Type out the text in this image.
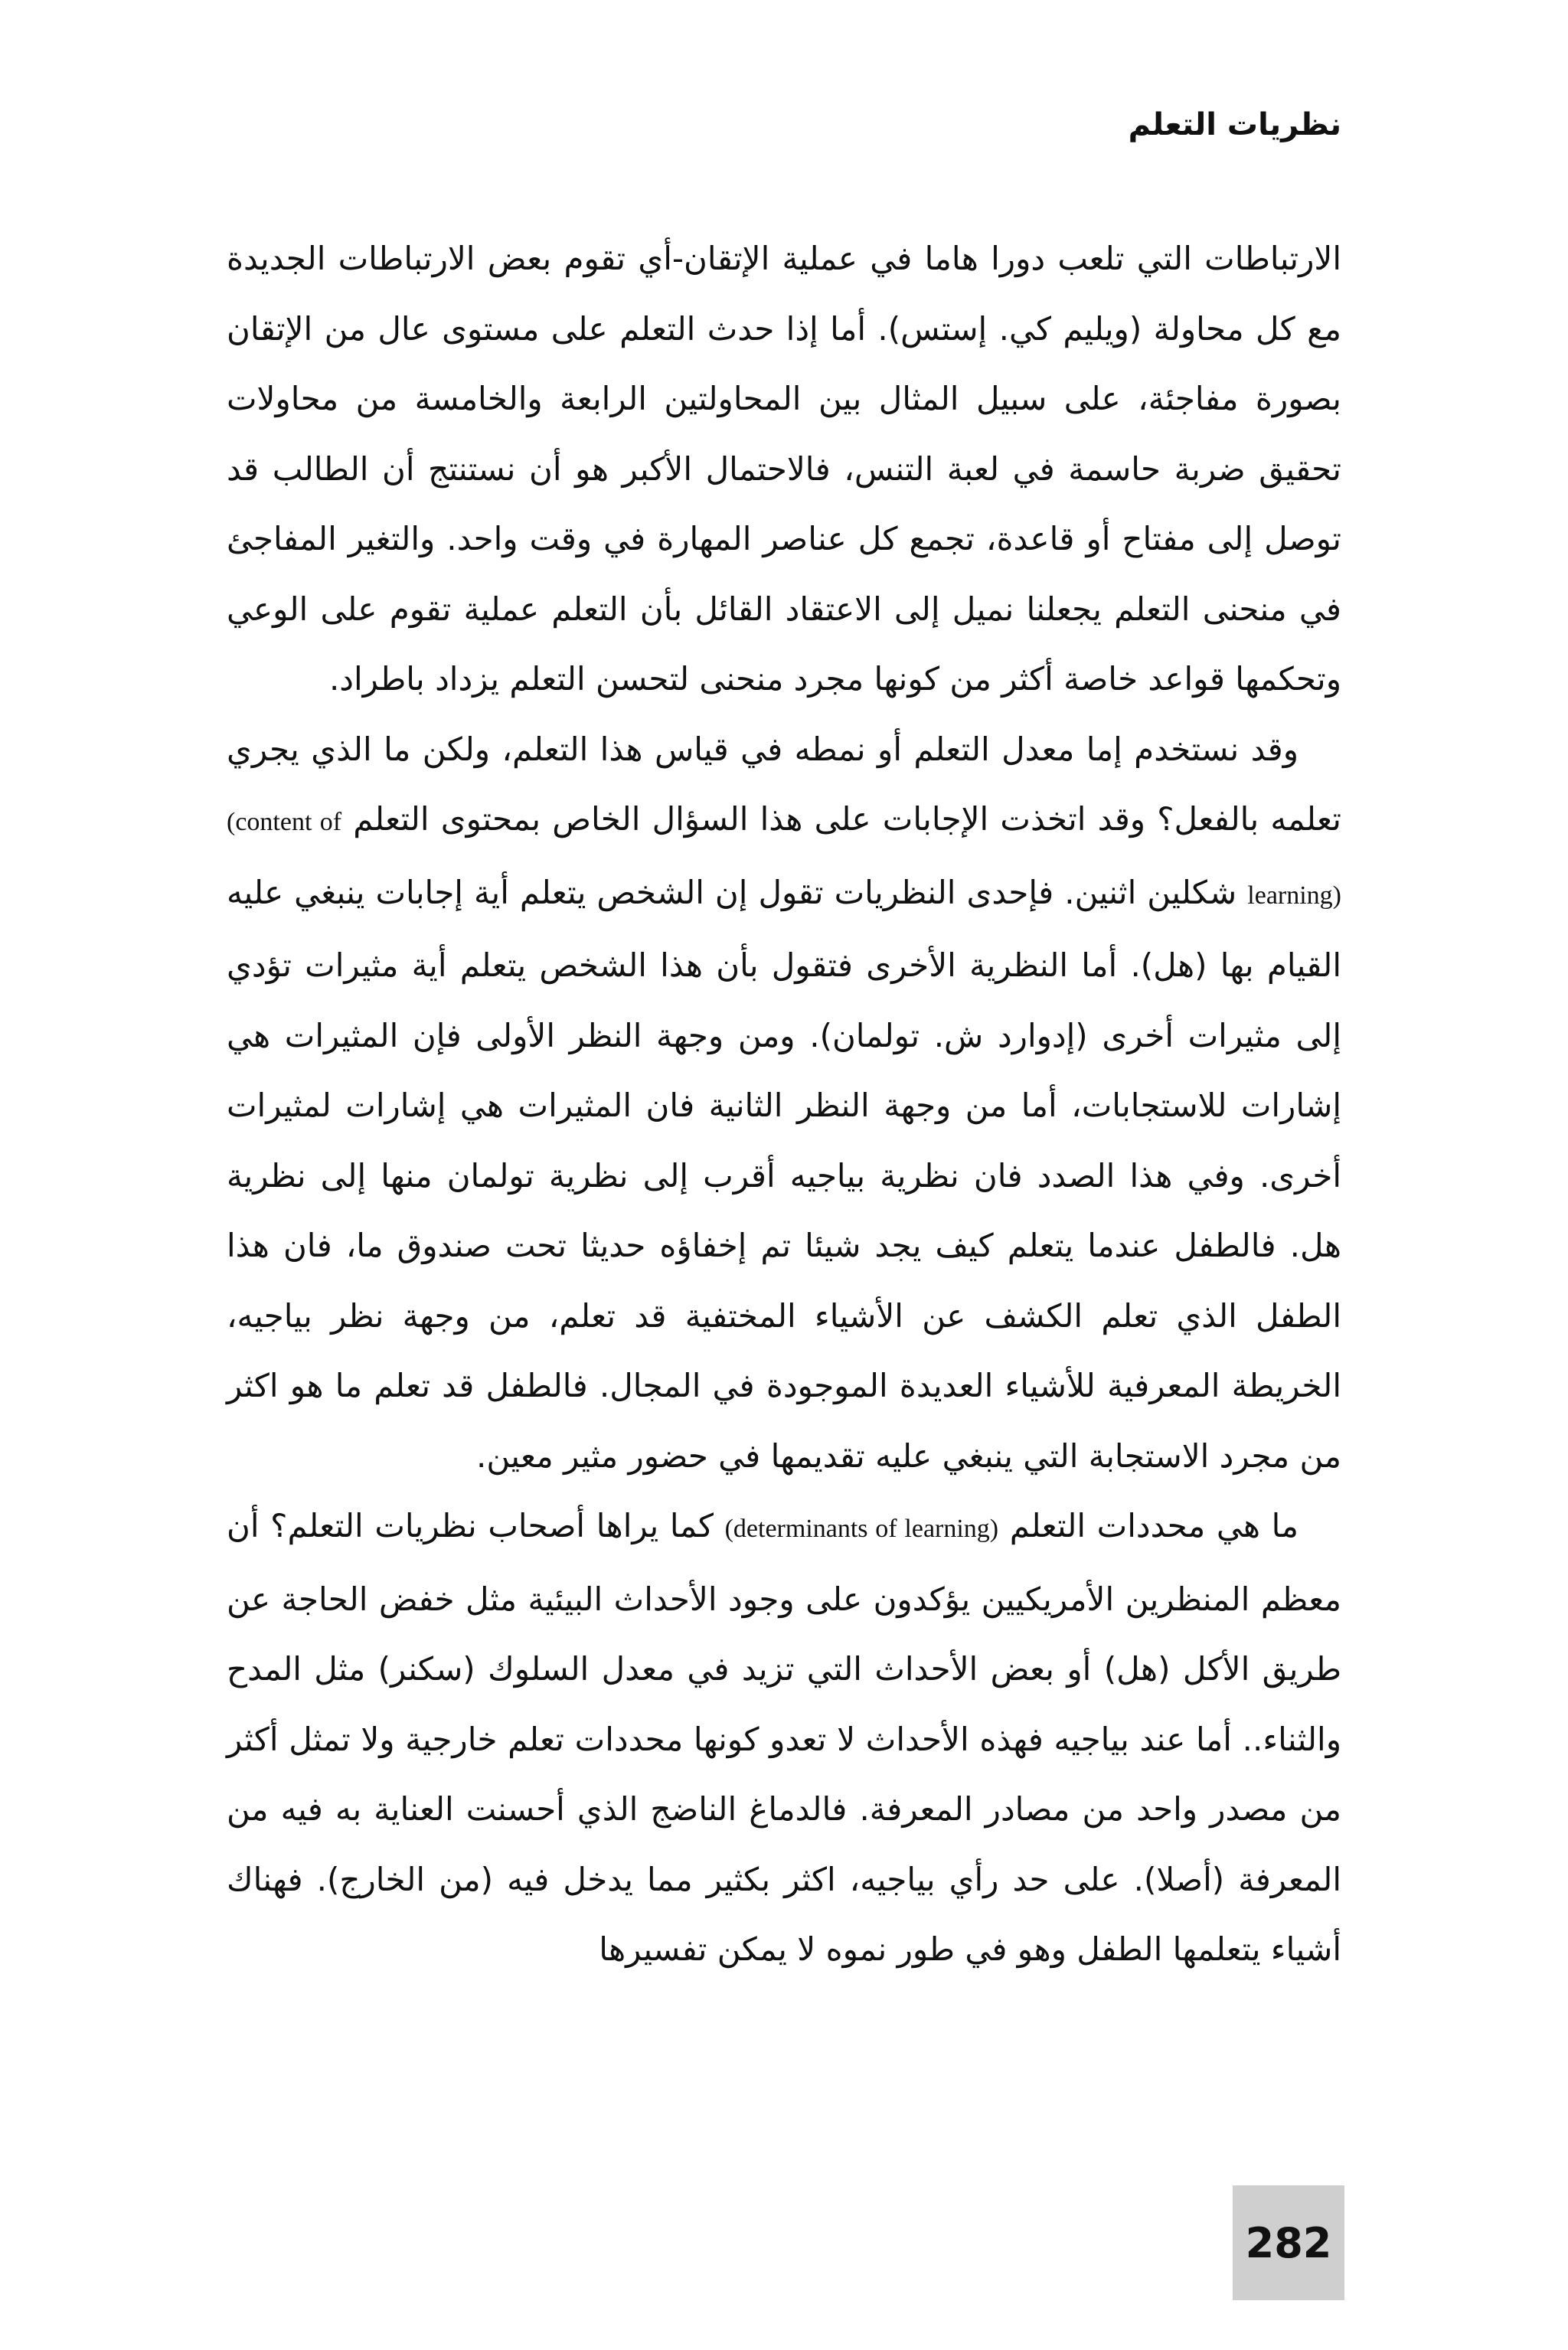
نظريات التعلم

الارتباطات التي تلعب دورا هاما في عملية الإتقان-أي تقوم بعض الارتباطات الجديدة مع كل محاولة (ويليم كي. إستس). أما إذا حدث التعلم على مستوى عال من الإتقان بصورة مفاجئة، على سبيل المثال بين المحاولتين الرابعة والخامسة من محاولات تحقيق ضربة حاسمة في لعبة التنس، فالاحتمال الأكبر هو أن نستنتج أن الطالب قد توصل إلى مفتاح أو قاعدة، تجمع كل عناصر المهارة في وقت واحد. والتغير المفاجئ في منحنى التعلم يجعلنا نميل إلى الاعتقاد القائل بأن التعلم عملية تقوم على الوعي وتحكمها قواعد خاصة أكثر من كونها مجرد منحنى لتحسن التعلم يزداد باطراد.

وقد نستخدم إما معدل التعلم أو نمطه في قياس هذا التعلم، ولكن ما الذي يجري تعلمه بالفعل؟ وقد اتخذت الإجابات على هذا السؤال الخاص بمحتوى التعلم (content of learning) شكلين اثنين. فإحدى النظريات تقول إن الشخص يتعلم أية إجابات ينبغي عليه القيام بها (هل). أما النظرية الأخرى فتقول بأن هذا الشخص يتعلم أية مثيرات تؤدي إلى مثيرات أخرى (إدوارد ش. تولمان). ومن وجهة النظر الأولى فإن المثيرات هي إشارات للاستجابات، أما من وجهة النظر الثانية فان المثيرات هي إشارات لمثيرات أخرى. وفي هذا الصدد فان نظرية بياجيه أقرب إلى نظرية تولمان منها إلى نظرية هل. فالطفل عندما يتعلم كيف يجد شيئا تم إخفاؤه حديثا تحت صندوق ما، فان هذا الطفل الذي تعلم الكشف عن الأشياء المختفية قد تعلم، من وجهة نظر بياجيه، الخريطة المعرفية للأشياء العديدة الموجودة في المجال. فالطفل قد تعلم ما هو اكثر من مجرد الاستجابة التي ينبغي عليه تقديمها في حضور مثير معين.

ما هي محددات التعلم (determinants of learning) كما يراها أصحاب نظريات التعلم؟ أن معظم المنظرين الأمريكيين يؤكدون على وجود الأحداث البيئية مثل خفض الحاجة عن طريق الأكل (هل) أو بعض الأحداث التي تزيد في معدل السلوك (سكنر) مثل المدح والثناء.. أما عند بياجيه فهذه الأحداث لا تعدو كونها محددات تعلم خارجية ولا تمثل أكثر من مصدر واحد من مصادر المعرفة. فالدماغ الناضج الذي أحسنت العناية به فيه من المعرفة (أصلا). على حد رأي بياجيه، اكثر بكثير مما يدخل فيه (من الخارج). فهناك أشياء يتعلمها الطفل وهو في طور نموه لا يمكن تفسيرها

282
